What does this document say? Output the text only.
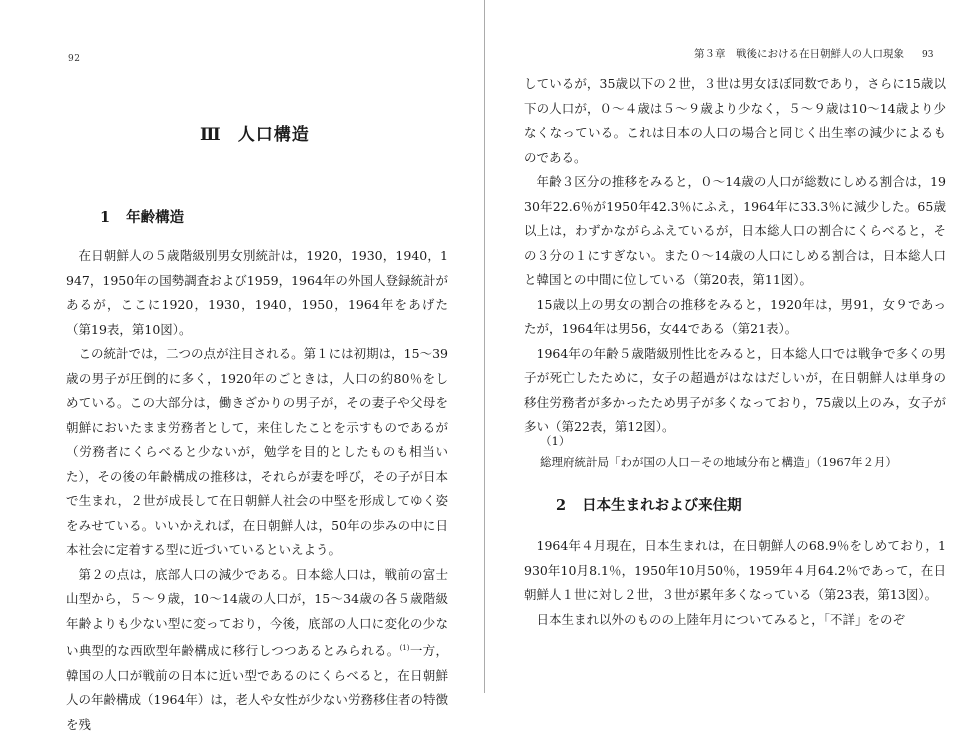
92
Ⅲ 人口構造
1 年齢構造

在日朝鮮人の５歳階級別男女別統計は，1920，1930，1940，1947，1950年の国勢調査および1959，1964年の外国人登録統計があるが，ここに1920，1930，1940，1950，1964年をあげた（第19表，第10図）。

この統計では，二つの点が注目される。第１には初期は，15～39歳の男子が圧倒的に多く，1920年のごときは，人口の約80％をしめている。この大部分は，働きざかりの男子が，その妻子や父母を朝鮮においたまま労務者として，来住したことを示すものであるが（労務者にくらべると少ないが，勉学を目的としたものも相当いた），その後の年齢構成の推移は，それらが妻を呼び，その子が日本で生まれ，２世が成長して在日朝鮮人社会の中堅を形成してゆく姿をみせている。いいかえれば，在日朝鮮人は，50年の歩みの中に日本社会に定着する型に近づいているといえよう。

第２の点は，底部人口の減少である。日本総人口は，戦前の富士山型から，５～９歳，10～14歳の人口が，15～34歳の各５歳階級年齢よりも少ない型に変っており，今後，底部の人口に変化の少ない典型的な西欧型年齢構成に移行しつつあるとみられる。$^{(1)}$一方，韓国の人口が戦前の日本に近い型であるのにくらべると，在日朝鮮人の年齢構成（1964年）は，老人や女性が少ない労務移住者の特徴を残

第３章　戦後における在日朝鮮人の人口現象 93

しているが，35歳以下の２世，３世は男女ほぼ同数であり，さらに15歳以下の人口が，０～４歳は５～９歳より少なく，５～９歳は10～14歳より少なくなっている。これは日本の人口の場合と同じく出生率の減少によるものである。

年齢３区分の推移をみると，０～14歳の人口が総数にしめる割合は，1930年22.6％が1950年42.3％にふえ，1964年に33.3％に減少した。65歳以上は，わずかながらふえているが，日本総人口の割合にくらべると，その３分の１にすぎない。また０～14歳の人口にしめる割合は，日本総人口と韓国との中間に位している（第20表，第11図）。

15歳以上の男女の割合の推移をみると，1920年は，男91，女９であったが，1964年は男56，女44である（第21表）。

1964年の年齢５歳階級別性比をみると，日本総人口では戦争で多くの男子が死亡したために，女子の超過がはなはだしいが，在日朝鮮人は単身の移住労務者が多かったため男子が多くなっており，75歳以上のみ，女子が多い（第22表，第12図）。

（1）総理府統計局「わが国の人口－その地域分布と構造」（1967年２月）
2 日本生まれおよび来住期

1964年４月現在，日本生まれは，在日朝鮮人の68.9％をしめており，1930年10月8.1％，1950年10月50％，1959年４月64.2％であって，在日朝鮮人１世に対し２世，３世が累年多くなっている（第23表，第13図）。

日本生まれ以外のものの上陸年月についてみると，「不詳」をのぞ
